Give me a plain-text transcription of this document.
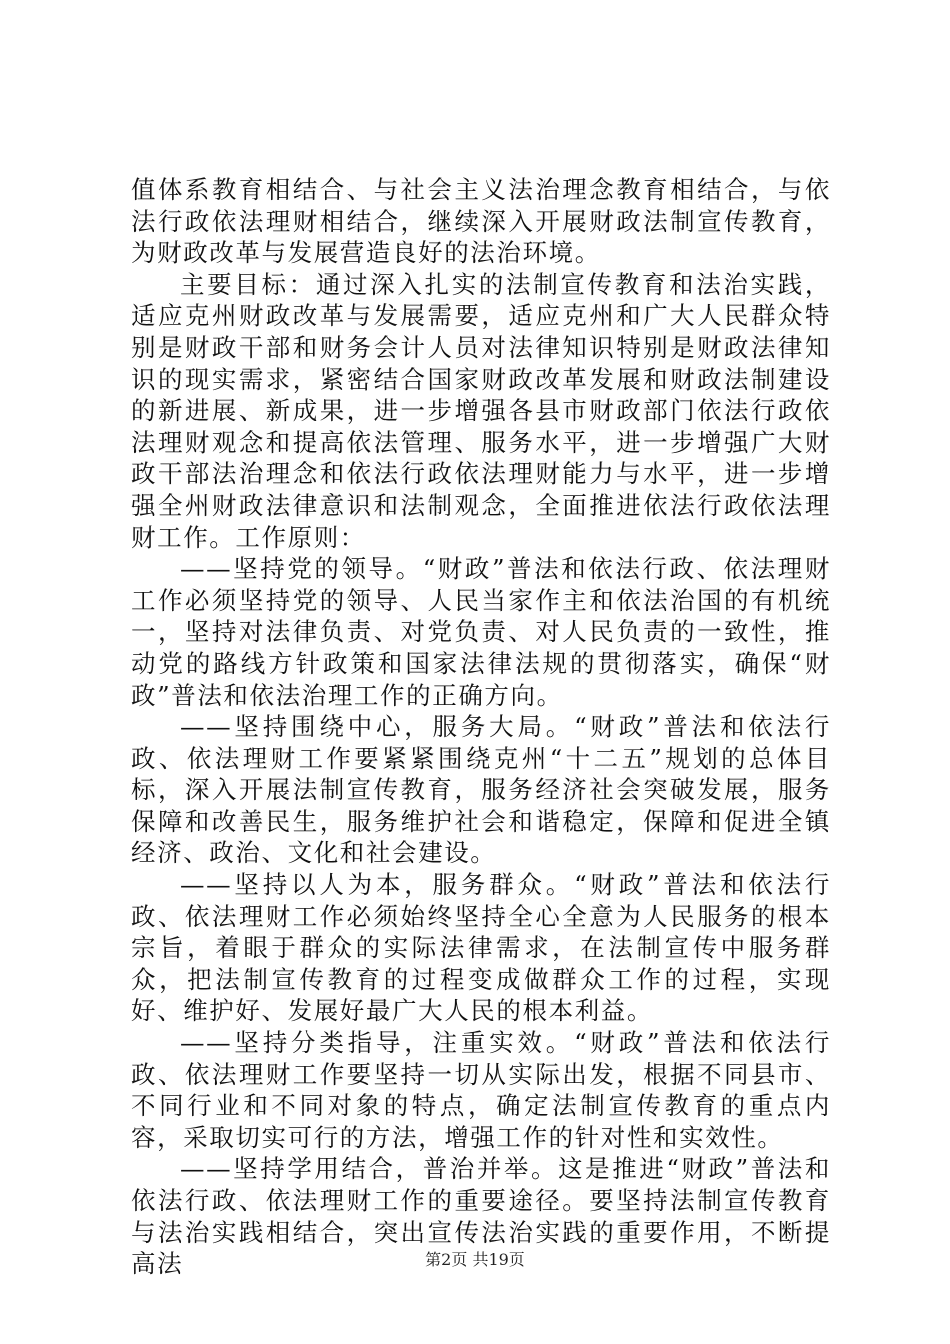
值体系教育相结合、与社会主义法治理念教育相结合，与依法行政依法理财相结合，继续深入开展财政法制宣传教育，为财政改革与发展营造良好的法治环境。

主要目标：通过深入扎实的法制宣传教育和法治实践，适应克州财政改革与发展需要，适应克州和广大人民群众特别是财政干部和财务会计人员对法律知识特别是财政法律知识的现实需求，紧密结合国家财政改革发展和财政法制建设的新进展、新成果，进一步增强各县市财政部门依法行政依法理财观念和提高依法管理、服务水平，进一步增强广大财政干部法治理念和依法行政依法理财能力与水平，进一步增强全州财政法律意识和法制观念，全面推进依法行政依法理财工作。工作原则：

——坚持党的领导。“财政”普法和依法行政、依法理财工作必须坚持党的领导、人民当家作主和依法治国的有机统一，坚持对法律负责、对党负责、对人民负责的一致性，推动党的路线方针政策和国家法律法规的贯彻落实，确保“财政”普法和依法治理工作的正确方向。

——坚持围绕中心，服务大局。“财政”普法和依法行政、依法理财工作要紧紧围绕克州“十二五”规划的总体目标，深入开展法制宣传教育，服务经济社会突破发展，服务保障和改善民生，服务维护社会和谐稳定，保障和促进全镇经济、政治、文化和社会建设。

——坚持以人为本，服务群众。“财政”普法和依法行政、依法理财工作必须始终坚持全心全意为人民服务的根本宗旨，着眼于群众的实际法律需求，在法制宣传中服务群众，把法制宣传教育的过程变成做群众工作的过程，实现好、维护好、发展好最广大人民的根本利益。

——坚持分类指导，注重实效。“财政”普法和依法行政、依法理财工作要坚持一切从实际出发，根据不同县市、不同行业和不同对象的特点，确定法制宣传教育的重点内容，采取切实可行的方法，增强工作的针对性和实效性。

——坚持学用结合，普治并举。这是推进“财政”普法和依法行政、依法理财工作的重要途径。要坚持法制宣传教育与法治实践相结合，突出宣传法治实践的重要作用，不断提高法	第2页 共19页
